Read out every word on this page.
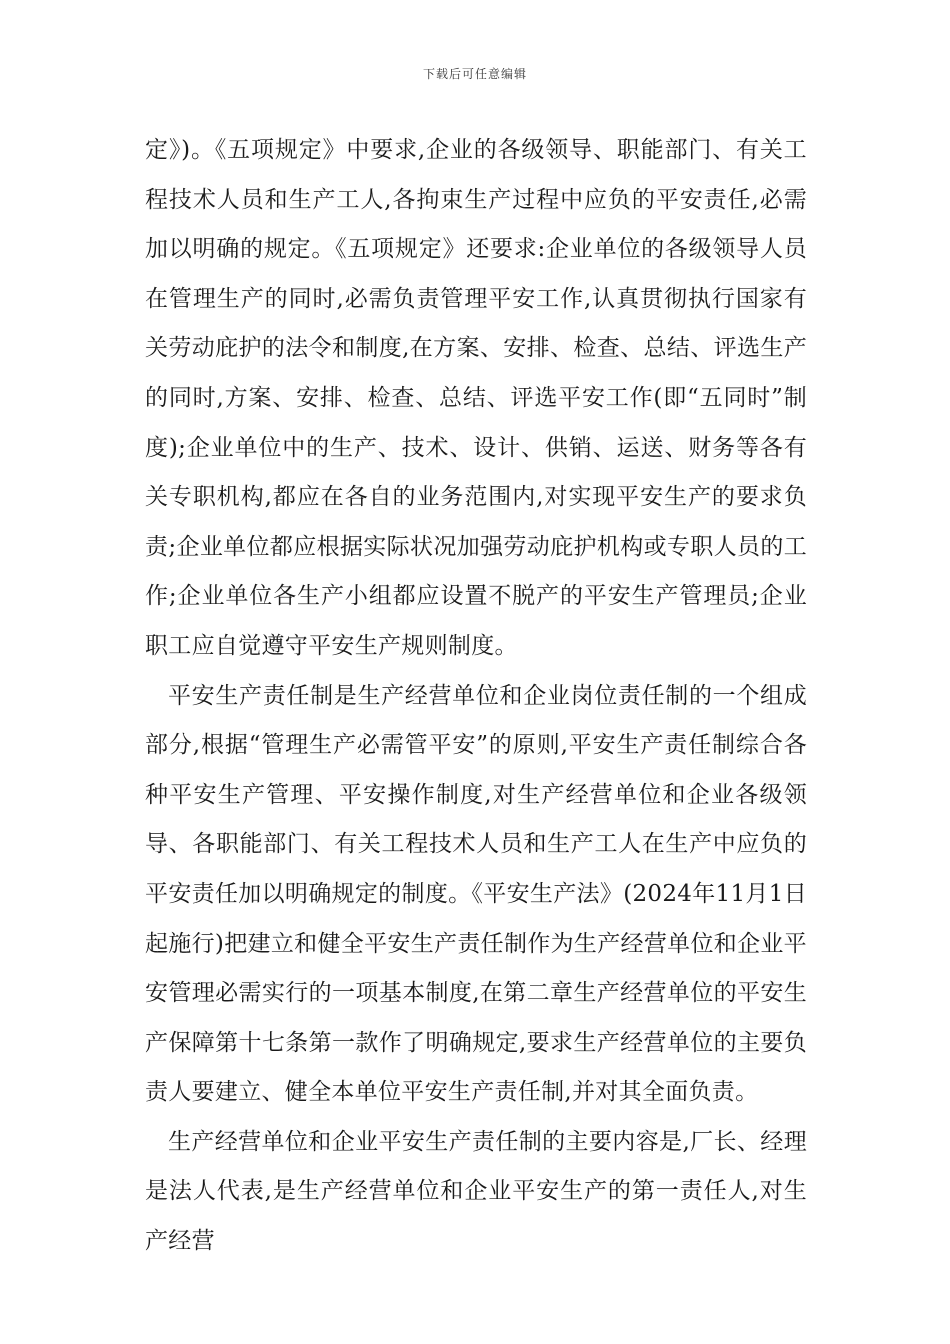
下载后可任意编辑

定》)。《五项规定》中要求,企业的各级领导、职能部门、有关工程技术人员和生产工人,各拘束生产过程中应负的平安责任,必需加以明确的规定。《五项规定》还要求:企业单位的各级领导人员在管理生产的同时,必需负责管理平安工作,认真贯彻执行国家有关劳动庇护的法令和制度,在方案、安排、检查、总结、评选生产的同时,方案、安排、检查、总结、评选平安工作(即“五同时”制度);企业单位中的生产、技术、设计、供销、运送、财务等各有关专职机构,都应在各自的业务范围内,对实现平安生产的要求负责;企业单位都应根据实际状况加强劳动庇护机构或专职人员的工作;企业单位各生产小组都应设置不脱产的平安生产管理员;企业职工应自觉遵守平安生产规则制度。

平安生产责任制是生产经营单位和企业岗位责任制的一个组成部分,根据“管理生产必需管平安”的原则,平安生产责任制综合各种平安生产管理、平安操作制度,对生产经营单位和企业各级领导、各职能部门、有关工程技术人员和生产工人在生产中应负的平安责任加以明确规定的制度。《平安生产法》(2024年11月1日起施行)把建立和健全平安生产责任制作为生产经营单位和企业平安管理必需实行的一项基本制度,在第二章生产经营单位的平安生产保障第十七条第一款作了明确规定,要求生产经营单位的主要负责人要建立、健全本单位平安生产责任制,并对其全面负责。

生产经营单位和企业平安生产责任制的主要内容是,厂长、经理是法人代表,是生产经营单位和企业平安生产的第一责任人,对生产经营
